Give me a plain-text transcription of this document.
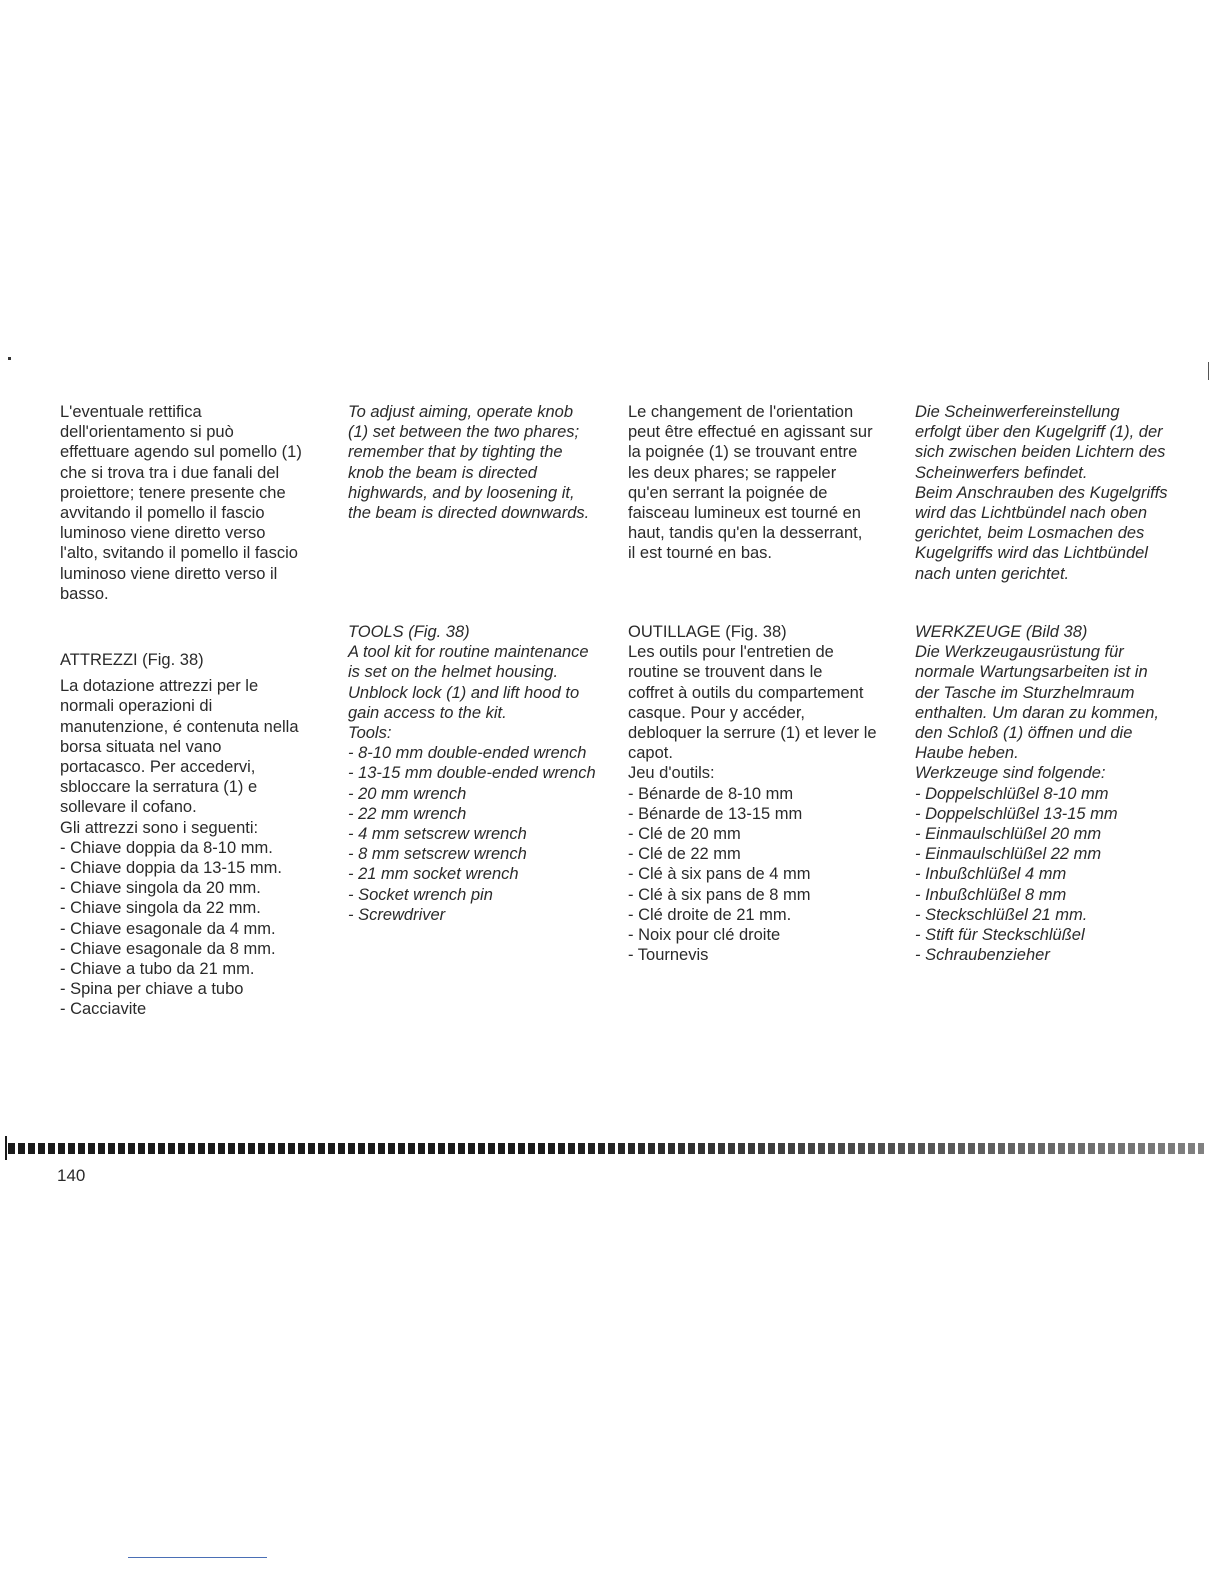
L'eventuale rettifica
dell'orientamento si può
effettuare agendo sul pomello (1)
che si trova tra i due fanali del
proiettore; tenere presente che
avvitando il pomello il fascio
luminoso viene diretto verso
l'alto, svitando il pomello il fascio
luminoso viene diretto verso il
basso.

ATTREZZI (Fig. 38)

La dotazione attrezzi per le
normali operazioni di
manutenzione, é contenuta nella
borsa situata nel vano
portacasco. Per accedervi,
sbloccare la serratura (1) e
sollevare il cofano.
Gli attrezzi sono i seguenti:

- Chiave doppia da 8-10 mm.
- Chiave doppia da 13-15 mm.
- Chiave singola da 20 mm.
- Chiave singola da 22 mm.
- Chiave esagonale da 4 mm.
- Chiave esagonale da 8 mm.
- Chiave a tubo da 21 mm.
- Spina per chiave a tubo
- Cacciavite

To adjust aiming, operate knob
(1) set between the two phares;
remember that by tighting the
knob the beam is directed
highwards, and by loosening it,
the beam is directed downwards.

TOOLS (Fig. 38)

A tool kit for routine maintenance
is set on the helmet housing.
Unblock lock (1) and lift hood to
gain access to the kit.
Tools:

- 8-10 mm double-ended wrench
- 13-15 mm double-ended wrench
- 20 mm wrench
- 22 mm wrench
- 4 mm setscrew wrench
- 8 mm setscrew wrench
- 21 mm socket wrench
- Socket wrench pin
- Screwdriver

Le changement de l'orientation
peut être effectué en agissant sur
la poignée (1) se trouvant entre
les deux phares; se rappeler
qu'en serrant la poignée de
faisceau lumineux est tourné en
haut, tandis qu'en la desserrant,
il est tourné en bas.

OUTILLAGE (Fig. 38)

Les outils pour l'entretien de
routine se trouvent dans le
coffret à outils du compartement
casque. Pour y accéder,
debloquer la serrure (1) et lever le
capot.
Jeu d'outils:

- Bénarde de 8-10 mm
- Bénarde de 13-15 mm
- Clé de 20 mm
- Clé de 22 mm
- Clé à six pans de 4 mm
- Clé à six pans de 8 mm
- Clé droite de 21 mm.
- Noix pour clé droite
- Tournevis

Die Scheinwerfereinstellung
erfolgt über den Kugelgriff (1), der
sich zwischen beiden Lichtern des
Scheinwerfers befindet.
Beim Anschrauben des Kugelgriffs
wird das Lichtbündel nach oben
gerichtet, beim Losmachen des
Kugelgriffs wird das Lichtbündel
nach unten gerichtet.

WERKZEUGE (Bild 38)

Die Werkzeugausrüstung für
normale Wartungsarbeiten ist in
der Tasche im Sturzhelmraum
enthalten. Um daran zu kommen,
den Schloß (1) öffnen und die
Haube heben.
Werkzeuge sind folgende:

- Doppelschlüßel 8-10 mm
- Doppelschlüßel 13-15 mm
- Einmaulschlüßel 20 mm
- Einmaulschlüßel 22 mm
- Inbußchlüßel 4 mm
- Inbußchlüßel 8 mm
- Steckschlüßel 21 mm.
- Stift für Steckschlüßel
- Schraubenzieher
140
